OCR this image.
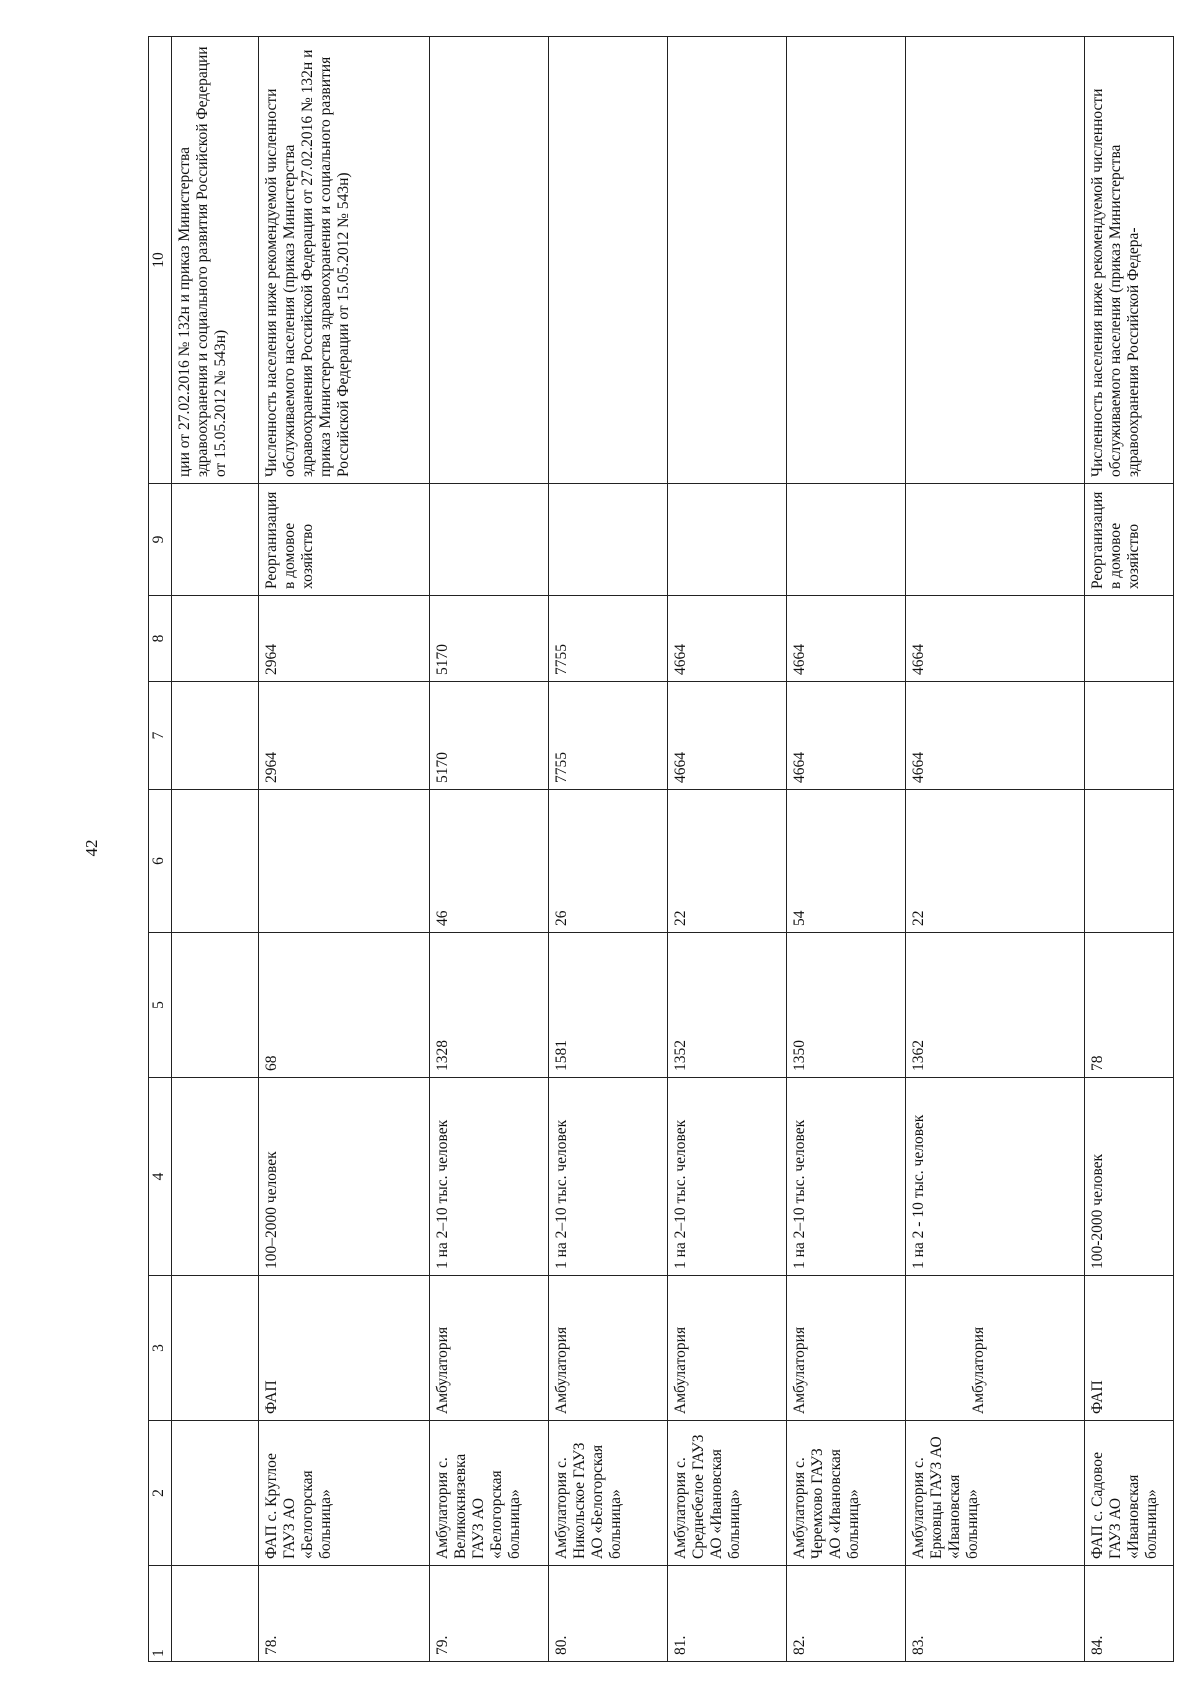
42
1	2	3	4	5	6	7	8	9	10
									ции от 27.02.2016 № 132н и приказ Министерства здравоохранения и социального развития Российской Федерации от 15.05.2012 № 543н)
78.	ФАП с. Круглое ГАУЗ АО «Белогорская больница»	ФАП	100–2000 человек	68		2964	2964	Реорганизация в домовое хозяйство	Численность населения ниже рекомендуемой численности обслуживаемого населения (приказ Министерства здравоохранения Российской Федерации от 27.02.2016 № 132н и приказ Министерства здравоохранения и социального развития Российской Федерации от 15.05.2012 № 543н)
79.	Амбулатория с. Великокнязевка ГАУЗ АО «Белогорская больница»	Амбулатория	1 на 2–10 тыс. человек	1328	46	5170	5170		
80.	Амбулатория с. Никольское ГАУЗ АО «Белогорская больница»	Амбулатория	1 на 2–10 тыс. человек	1581	26	7755	7755		
81.	Амбулатория с. Среднебелое ГАУЗ АО «Ивановская больница»	Амбулатория	1 на 2–10 тыс. человек	1352	22	4664	4664		
82.	Амбулатория с. Черемхово ГАУЗ АО «Ивановская больница»	Амбулатория	1 на 2–10 тыс. человек	1350	54	4664	4664		
83.	Амбулатория с. Ерковцы ГАУЗ АО «Ивановская больница»	Амбулатория	1 на 2 - 10 тыс. человек	1362	22	4664	4664		
84.	ФАП с. Садовое ГАУЗ АО «Ивановская больница»	ФАП	100-2000 человек	78				Реорганизация в домовое хозяйство	Численность населения ниже рекомендуемой численности обслуживаемого населения (приказ Министерства здравоохранения Российской Федера-
